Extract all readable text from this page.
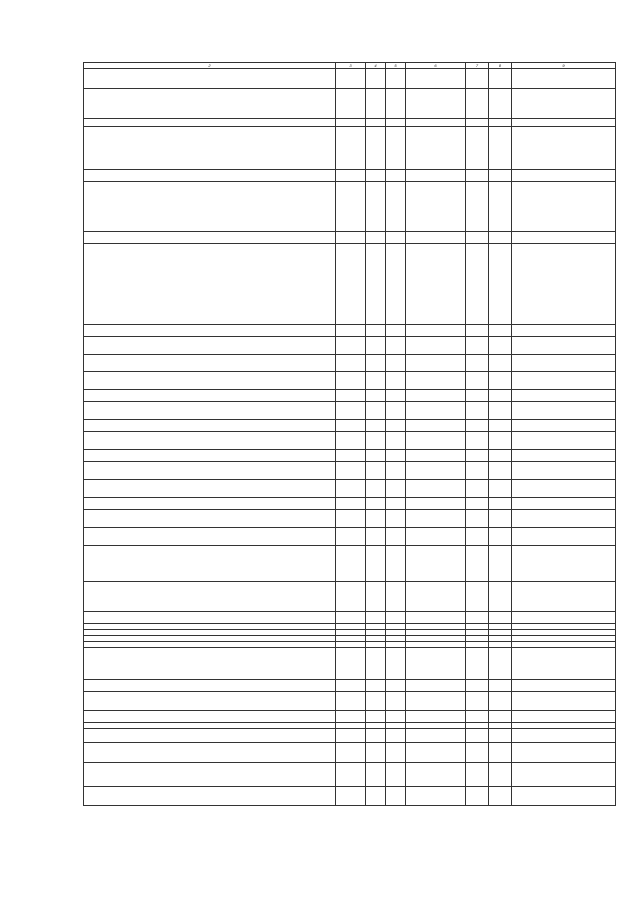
2	3	4	5	6	7	8	9
